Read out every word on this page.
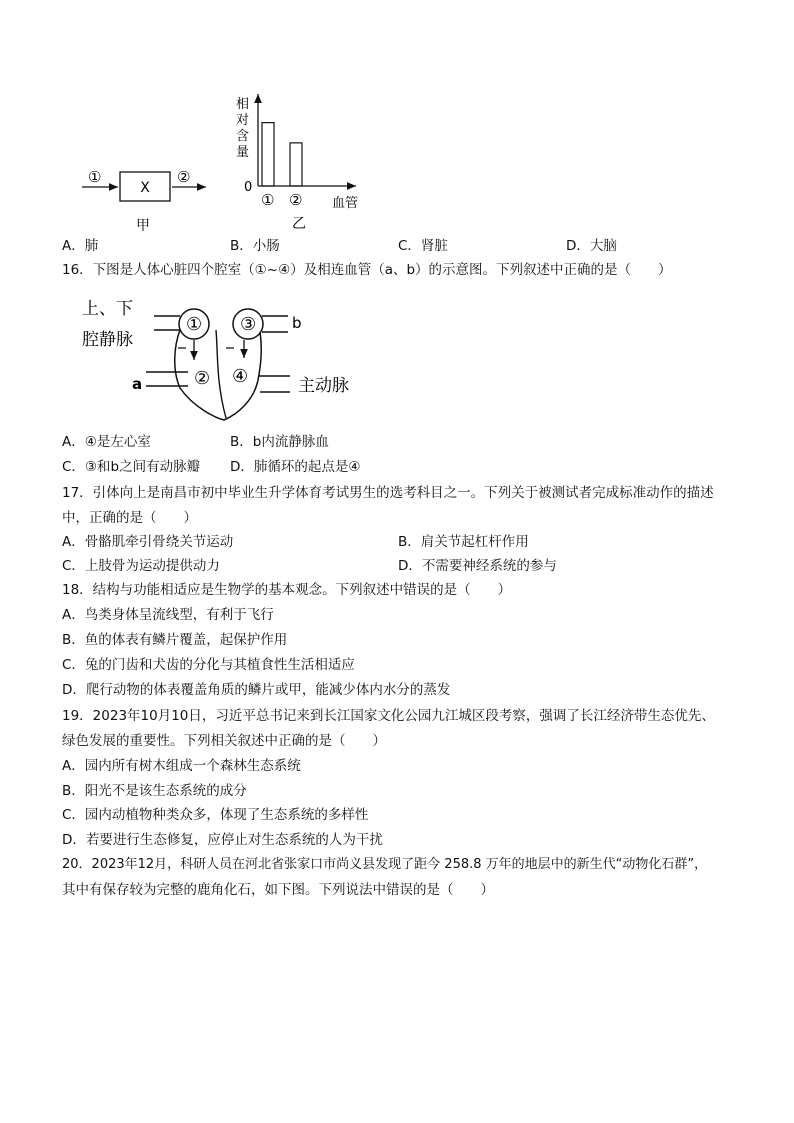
①
X
②
甲
相
对
含
量
0
① ② 血管
乙
A．肺	B．小肠	C．肾脏	D．大脑
16．下图是人体心脏四个腔室（①~④）及相连血管（a、b）的示意图。下列叙述中正确的是（　　）
上、下
腔静脉
a
b
主动脉
① ③
② ④
A．④是左心室	B．b内流静脉血
C．③和b之间有动脉瓣 D．肺循环的起点是④
17．引体向上是南昌市初中毕业生升学体育考试男生的选考科目之一。下列关于被测试者完成标准动作的描述
中，正确的是（　　）
A．骨骼肌牵引骨绕关节运动	B．肩关节起杠杆作用
C．上肢骨为运动提供动力	D．不需要神经系统的参与
18．结构与功能相适应是生物学的基本观念。下列叙述中错误的是（　　）
A．鸟类身体呈流线型，有利于飞行
B．鱼的体表有鳞片覆盖，起保护作用
C．兔的门齿和犬齿的分化与其植食性生活相适应
D．爬行动物的体表覆盖角质的鳞片或甲，能减少体内水分的蒸发
19．2023年10月10日，习近平总书记来到长江国家文化公园九江城区段考察，强调了长江经济带生态优先、
绿色发展的重要性。下列相关叙述中正确的是（　　）
A．园内所有树木组成一个森林生态系统
B．阳光不是该生态系统的成分
C．园内动植物种类众多，体现了生态系统的多样性
D．若要进行生态修复，应停止对生态系统的人为干扰
20．2023年12月，科研人员在河北省张家口市尚义县发现了距今 258.8 万年的地层中的新生代“动物化石群”，
其中有保存较为完整的鹿角化石，如下图。下列说法中错误的是（　　）
